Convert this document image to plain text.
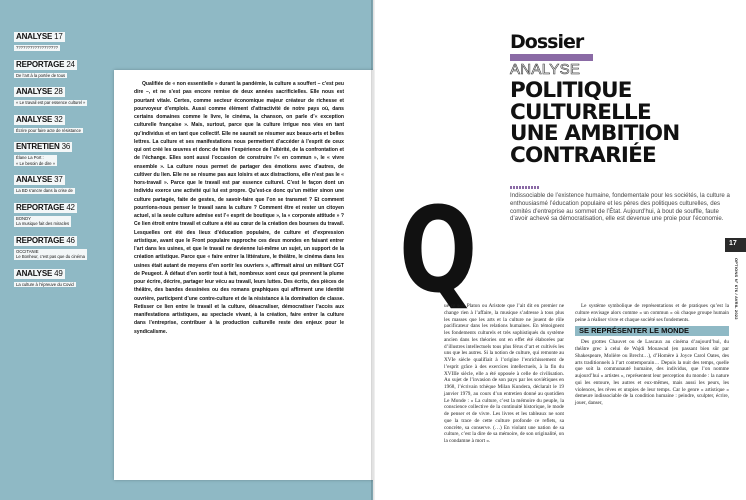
ANALYSE 17
??????????????????
REPORTAGE 24
De l’art à la portée de tous
ANALYSE 28
« Le travail est par essence culturel »
ANALYSE 32
Écrire pour faire acte de résistance
ENTRETIEN 36
Élane La Port :
« Le besoin de dire »
ANALYSE 37
La BD s’ancre dans la crise de
REPORTAGE 42
BONDY
La musique fait des miracles
REPORTAGE 46
OCCITANIE
Le Bonheur, c’est pas que du cinéma
ANALYSE 49
La culture à l’épreuve du Covid

Qualifiée de « non essentielle » durant la pandémie, la culture a souffert – c’est peu dire –, et ne s’est pas encore remise de deux années sacrificielles. Elle nous est pourtant vitale. Certes, comme secteur économique majeur créateur de richesse et pourvoyeur d’emplois. Aussi comme élément d’attractivité de notre pays où, dans certains domaines comme le livre, le cinéma, la chanson, on parle d’« exception culturelle française ». Mais, surtout, parce que la culture irrigue nos vies en tant qu’individus et en tant que collectif. Elle ne saurait se résumer aux beaux-arts et belles lettres. La culture et ses manifestations nous permettent d’accéder à l’esprit de ceux qui ont créé les œuvres et donc de faire l’expérience de l’altérité, de la confrontation et de l’échange. Elles sont aussi l’occasion de construire l’« en commun », le « vivre ensemble ». La culture nous permet de partager des émotions avec d’autres, de cultiver du lien. Elle ne se résume pas aux loisirs et aux distractions, elle n’est pas le « hors-travail ». Parce que le travail est par essence culturel. C’est le façon dont un individu exerce une activité qui lui est propre. Qu’est-ce donc qu’un métier sinon une culture partagée, faite de gestes, de savoir-faire que l’on se transmet ? Et comment pourrions-nous penser le travail sans la culture ? Comment être et rester un citoyen actuel, si la seule culture admise est l’« esprit de boutique », la « corporate attitude » ? Ce lien étroit entre travail et culture a été au cœur de la création des bourses du travail. Lesquelles ont été des lieux d’éducation populaire, de culture et d’expression artistique, avant que le Front populaire rapproche ces deux mondes en faisant entrer l’art dans les usines, et que le travail ne devienne lui-même un sujet, un support de la création artistique. Parce que « faire entrer la littérature, le théâtre, le cinéma dans les usines était autant de moyens d’en sortir les ouvriers », affirmait ainsi un militant CGT de Peugeot. À défaut d’en sortir tout à fait, nombreux sont ceux qui prennent la plume pour écrire, décrire, partager leur vécu au travail, leurs luttes. Des écrits, des pièces de théâtre, des bandes dessinées ou des romans graphiques qui affirment une identité ouvrière, participent d’une contre-culture et de la résistance à la domination de classe. Retisser ce lien entre le travail et la culture, désacraliser, démocratiser l’accès aux manifestations artistiques, au spectacle vivant, à la création, faire entrer la culture dans l’entreprise, contribuer à la production culturelle reste des enjeux pour le syndicalisme.

Dossier
ANALYSE
POLITIQUE
CULTURELLE
UNE AMBITION
CONTRARIÉE
Indissociable de l’existence humaine, fondementale pour les sociétés, la culture a enthousiasmé l’éducation populaire et les pères des politiques culturelles, des comités d’entreprise au sommet de l’État. Aujourd’hui, à bout de souffle, faute d’avoir achevé sa démocratisation, elle est devenue une proie pour l’économie.
Q

ue ce soit Platon ou Aristote que l’ait dit en premier ne change rien à l’affaire, la musique s’adresse à tous plus les masses que les arts et la culture ne jouent de rôle pacificateur dans les relations humaines. En témoignent les fondements culturels et très sophistiqués du système ancien dans les théories ont en effet été élaborées par d’illustres intellectuels tous plus férus d’art et cultivés les uns que les autres. Si la notion de culture, qui remonte au XVIe siècle qualifiait à l’origine l’enrichissement de l’esprit grâce à des exercices intellectuels, à la fin du XVIIIe siècle, elle a été opposée à celle de civilisation. Au sujet de l’invasion de son pays par les soviétiques en 1968, l’écrivain tchèque Milan Kundera, déclarait le 19 janvier 1979, au cours d’un entretien donné au quotidien Le Monde : « La culture, c’est la mémoire du peuple, la conscience collective de la continuité historique, le mode de penser et de vivre. Les livres et les tableaux ne sont que la trace de cette culture profonde ce reflets, sa concrète, sa conserve. (…) En violant une nation de sa culture, c’est la dire de sa mémoire, de son originalité, on la condamne à mort ».

Le système symbolique de représentations et de pratiques qu’est la culture envisage alors comme « un commun » où chaque groupe humain peine à réaliser vivre et chaque société ses fondements.

SE REPRÉSENTER LE MONDE

Des grottes Chauvet ou de Lascaux au cinéma d’aujourd’hui, du théâtre grec à celui de Wajdi Mouawad (en passant bien sûr par Shakespeare, Molière ou Brecht…), d’Homère à Joyce Carol Oates, des arts traditionnels à l’art contemporain… Depuis la nuit des temps, quelle que soit la communauté humaine, des individus, que l’on nomme aujourd’hui « artistes », représentent leur perception du monde : la nature qui les entoure, les autres et eux-mêmes, mais aussi les peurs, les violences, les rêves et utopies de leur temps. Car le genre « artistique » demeure indissociable de la condition humaine : peindre, sculpter, écrire, jouer, danser,

17
OPTIONS N° 676 / AVRIL 2022
